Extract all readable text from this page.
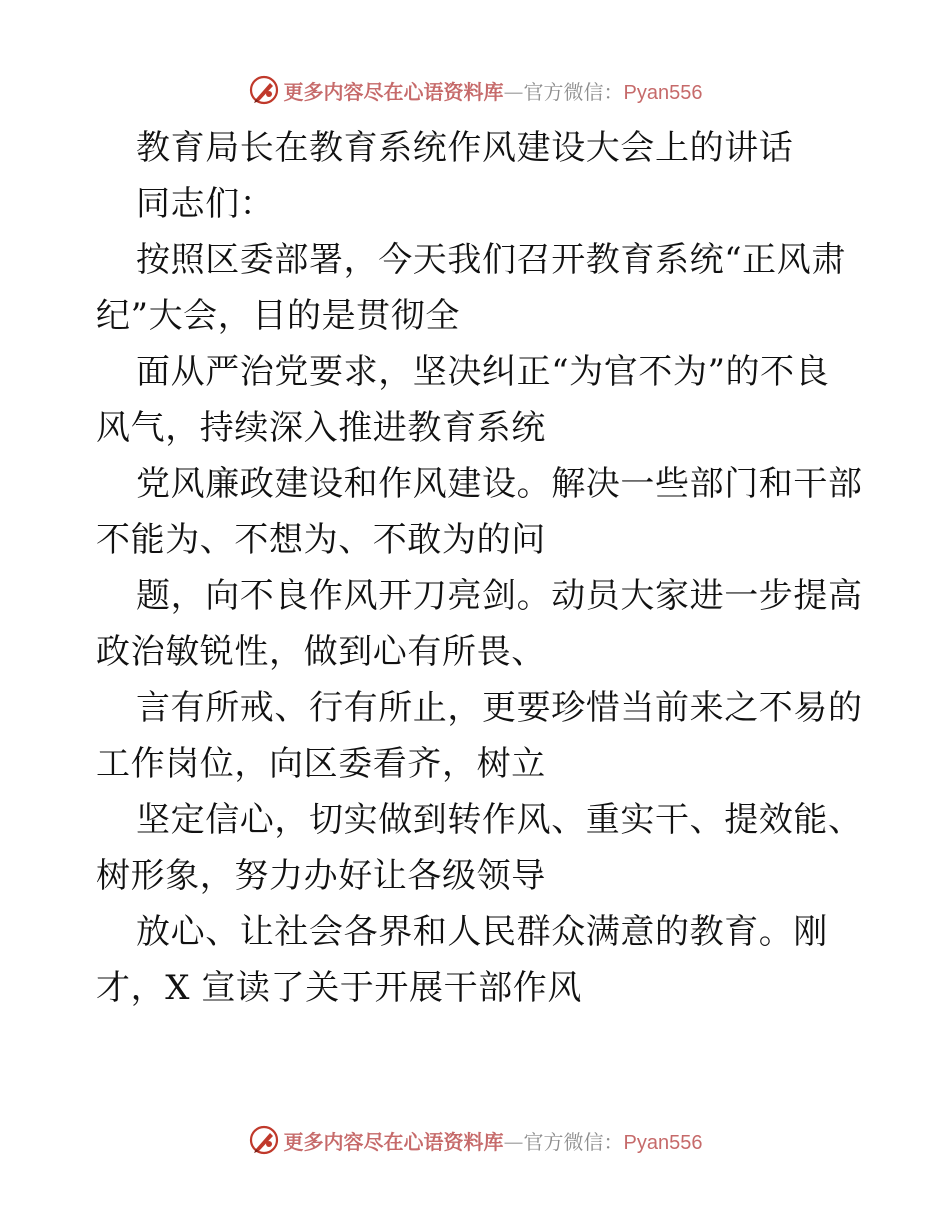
更多内容尽在心语资料库—官方微信：Pyan556
教育局长在教育系统作风建设大会上的讲话
同志们：
按照区委部署，今天我们召开教育系统“正风肃
纪”大会，目的是贯彻全
面从严治党要求，坚决纠正“为官不为”的不良
风气，持续深入推进教育系统
党风廉政建设和作风建设。解决一些部门和干部
不能为、不想为、不敢为的问
题，向不良作风开刀亮剑。动员大家进一步提高
政治敏锐性，做到心有所畏、
言有所戒、行有所止，更要珍惜当前来之不易的
工作岗位，向区委看齐，树立
坚定信心，切实做到转作风、重实干、提效能、
树形象，努力办好让各级领导
放心、让社会各界和人民群众满意的教育。刚
才，X 宣读了关于开展干部作风
更多内容尽在心语资料库—官方微信：Pyan556
